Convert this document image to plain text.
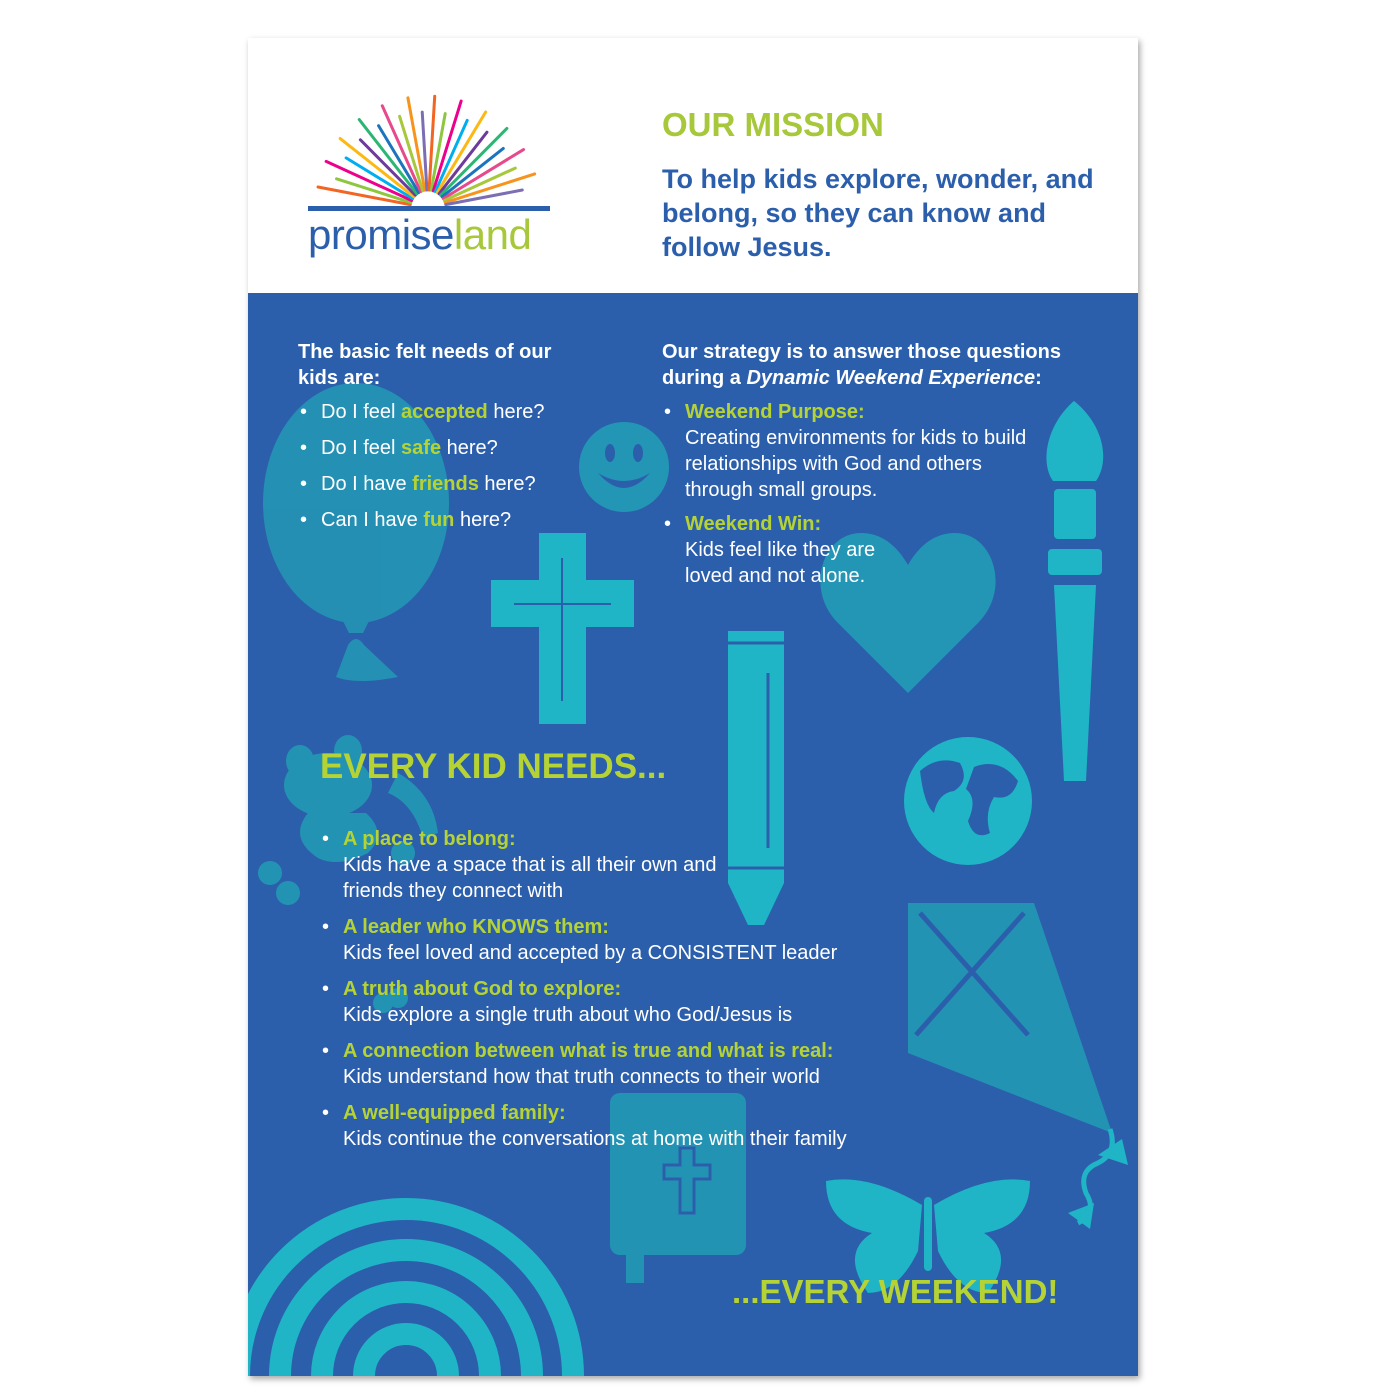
promiseland
OUR MISSION
To help kids explore, wonder, and belong, so they can know and follow Jesus.
The basic felt needs of our kids are:
• Do I feel accepted here?
• Do I feel safe here?
• Do I have friends here?
• Can I have fun here?
Our strategy is to answer those questions during a Dynamic Weekend Experience:
• Weekend Purpose:
Creating environments for kids to build relationships with God and others through small groups.
• Weekend Win:
Kids feel like they are loved and not alone.
EVERY KID NEEDS...
• A place to belong:
Kids have a space that is all their own and friends they connect with
• A leader who KNOWS them:
Kids feel loved and accepted by a CONSISTENT leader
• A truth about God to explore:
Kids explore a single truth about who God/Jesus is
• A connection between what is true and what is real:
Kids understand how that truth connects to their world
• A well-equipped family:
Kids continue the conversations at home with their family
...EVERY WEEKEND!
